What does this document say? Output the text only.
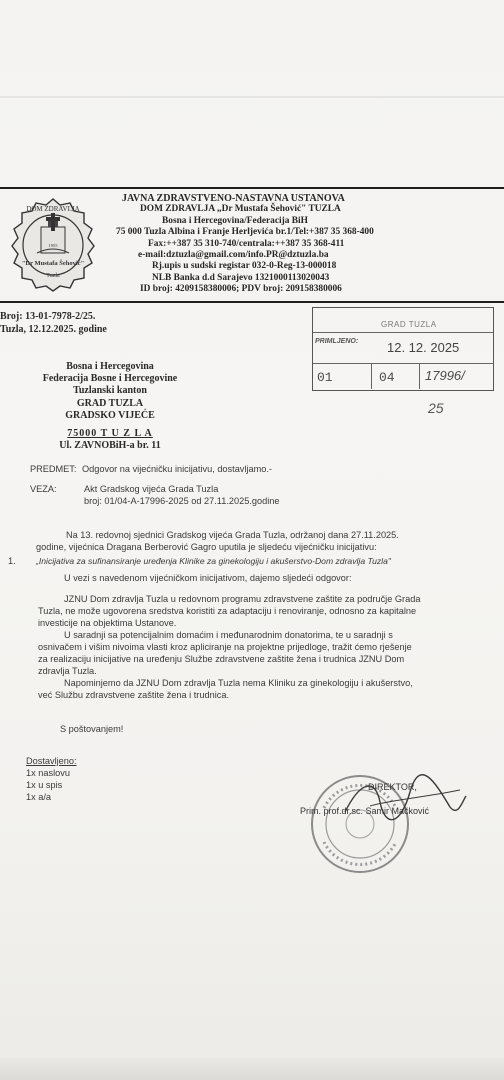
DOM ZDRAVLJA
1955
"Dr Mustafa Šehović"
Tuzla
JAVNA ZDRAVSTVENO-NASTAVNA USTANOVA
DOM ZDRAVLJA „Dr Mustafa Šehović" TUZLA
Bosna i Hercegovina/Federacija BiH
75 000 Tuzla Albina i Franje Herljevića br.1/Tel:+387 35 368-400
Fax:++387 35 310-740/centrala:++387 35 368-411
e-mail:dztuzla@gmail.com/info.PR@dztuzla.ba
Rj.upis u sudski registar 032-0-Reg-13-000018
NLB Banka d.d Sarajevo 1321000113020043
ID broj: 4209158380006; PDV broj: 209158380006
Broj: 13-01-7978-2/25.
Tuzla, 12.12.2025. godine	GRAD TUZLA
PRIMLJENO: 12. 12. 2025
01	04 17996/
25
Bosna i Hercegovina
Federacija Bosne i Hercegovine
Tuzlanski kanton
GRAD TUZLA
GRADSKO VIJEĆE
75000 T U Z L A
Ul. ZAVNOBiH-a br. 11
PREDMET: Odgovor na vijećničku inicijativu, dostavljamo.-
VEZA:	Akt Gradskog vijeća Grada Tuzla
broj: 01/04-A-17996-2025 od 27.11.2025.godine
Na 13. redovnoj sjednici Gradskog vijeća Grada Tuzla, održanoj dana 27.11.2025.
godine, vijećnica Dragana Berberović Gagro uputila je sljedeću vijećničku inicijativu:
1. „Inicijativa za sufinansiranje uređenja Klinike za ginekologiju i akušerstvo-Dom zdravlja Tuzla"
U vezi s navedenom vijećničkom inicijativom, dajemo sljedeći odgovor:
JZNU Dom zdravlja Tuzla u redovnom programu zdravstvene zaštite za područje Grada
Tuzla, ne može ugovorena sredstva koristiti za adaptaciju i renoviranje, odnosno za kapitalne
investicije na objektima Ustanove.
U saradnji sa potencijalnim domaćim i međunarodnim donatorima, te u saradnji s
osnivačem i višim nivoima vlasti kroz apliciranje na projektne prijedloge, tražit ćemo rješenje
za realizaciju inicijative na uređenju Službe zdravstvene zaštite žena i trudnica JZNU Dom
zdravlja Tuzla.
Napominjemo da JZNU Dom zdravlja Tuzla nema Kliniku za ginekologiju i akušerstvo,
već Službu zdravstvene zaštite žena i trudnica.
S poštovanjem!
Dostavljeno:
1x naslovu
1x u spis
1x a/a
DIREKTOR,
Prim. prof.dr.sc. Samir Mačković
